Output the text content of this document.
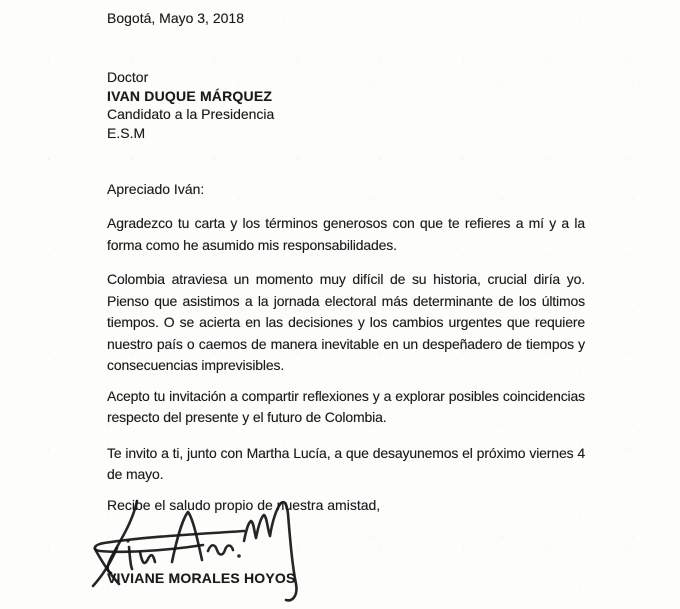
Bogotá, Mayo 3, 2018
Doctor
IVAN DUQUE MÁRQUEZ
Candidato a la Presidencia
E.S.M
Apreciado Iván:

Agradezco tu carta y los términos generosos con que te refieres a mí y a la forma como he asumido mis responsabilidades.

Colombia atraviesa un momento muy difícil de su historia, crucial diría yo. Pienso que asistimos a la jornada electoral más determinante de los últimos tiempos. O se acierta en las decisiones y los cambios urgentes que requiere nuestro país o caemos de manera inevitable en un despeñadero de tiempos y consecuencias imprevisibles.

Acepto tu invitación a compartir reflexiones y a explorar posibles coincidencias respecto del presente y el futuro de Colombia.

Te invito a ti, junto con Martha Lucía, a que desayunemos el próximo viernes 4 de mayo.

Recibe el saludo propio de nuestra amistad,
VIVIANE MORALES HOYOS
